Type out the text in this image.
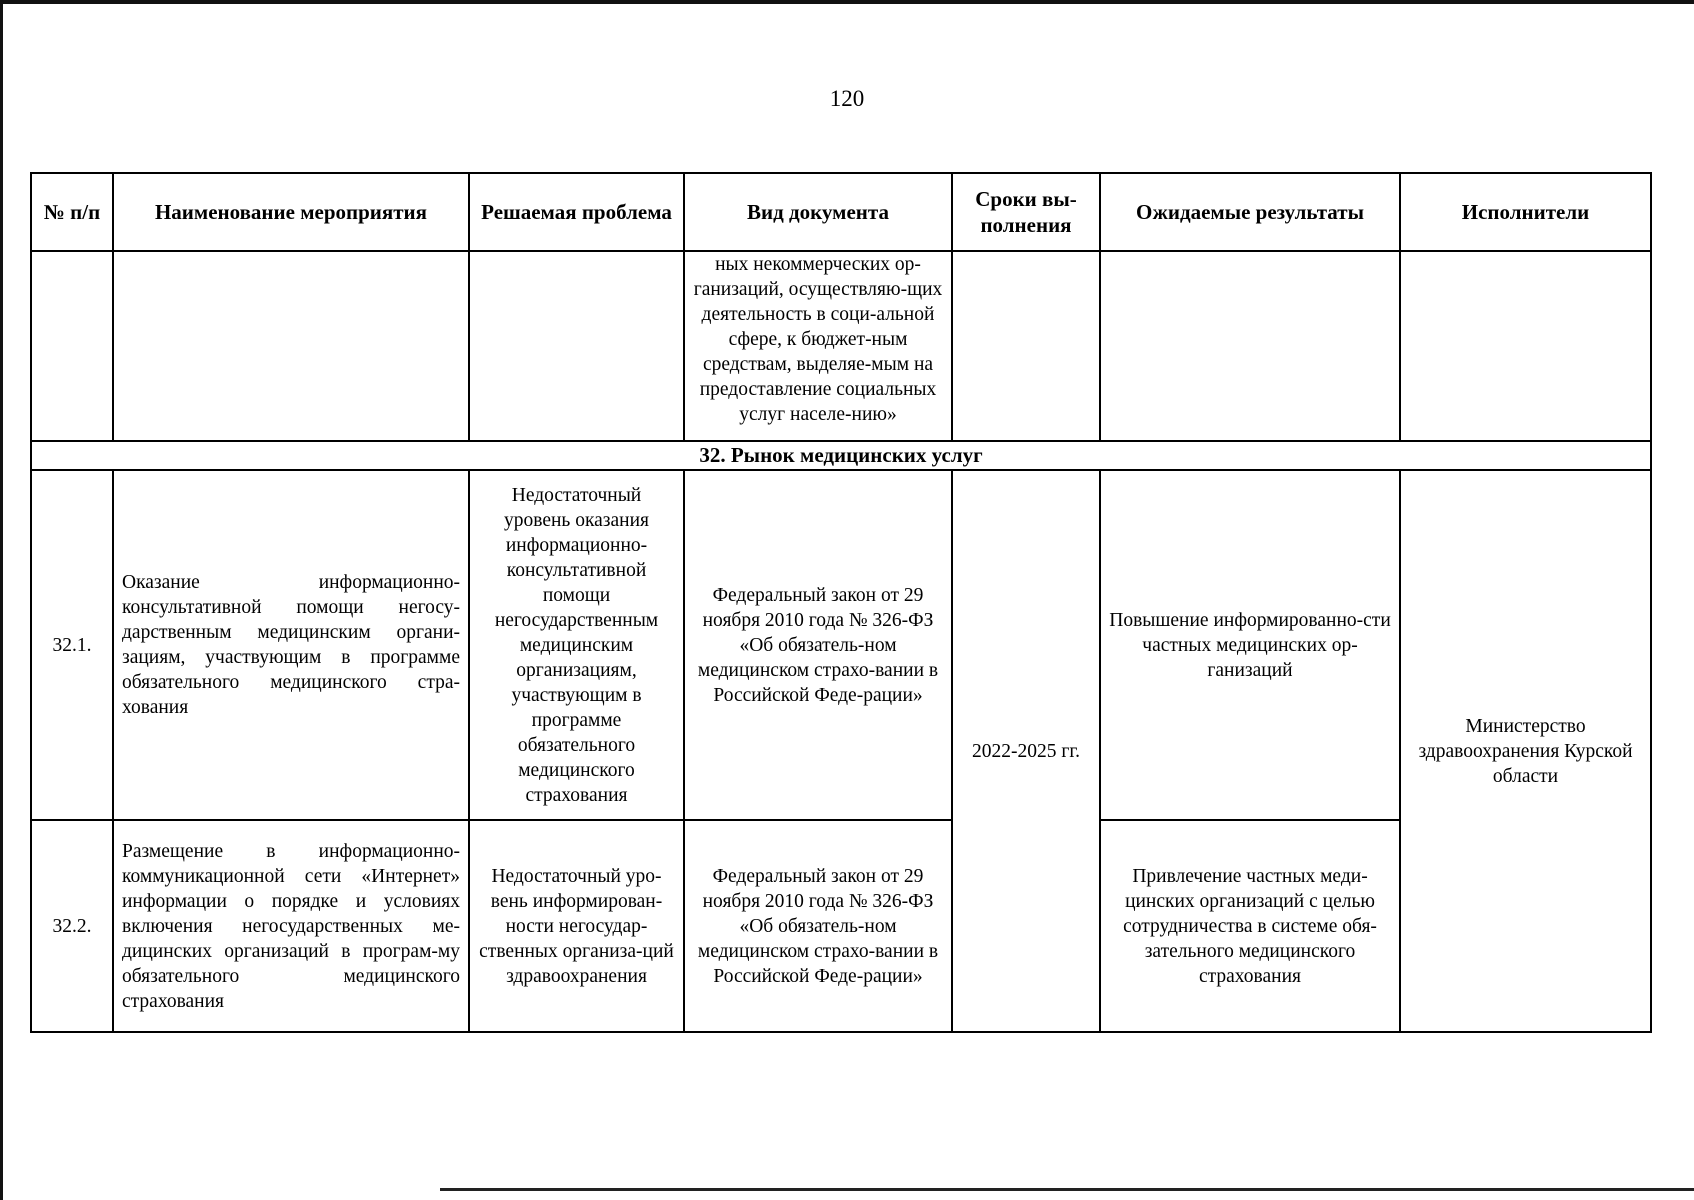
120
№ п/п	Наименование мероприятия	Решаемая проблема	Вид документа	Сроки вы-полнения	Ожидаемые результаты	Исполнители
			ных некоммерческих ор-ганизаций, осуществляю-щих деятельность в соци-альной сфере, к бюджет-ным средствам, выделяе-мым на предоставление социальных услуг населе-нию»			
32. Рынок медицинских услуг						
32.1.	Оказание информационно-консультативной помощи негосу-дарственным медицинским органи-зациям, участвующим в программе обязательного медицинского стра-хования	Недостаточный уровень оказания информационно-консультативной помощи негосударственным медицинским организациям, участвующим в программе обязательного медицинского страхования	Федеральный закон от 29 ноября 2010 года № 326-ФЗ «Об обязатель-ном медицинском страхо-вании в Российской Феде-рации»	2022-2025 гг.	Повышение информированно-сти частных медицинских ор-ганизаций	Министерство здравоохранения Курской области
32.2.	Размещение в информационно-коммуникационной сети «Интернет» информации о порядке и условиях включения негосударственных ме-дицинских организаций в програм-му обязательного медицинского страхования	Недостаточный уро-вень информирован-ности негосудар-ственных организа-ций здравоохранения	Федеральный закон от 29 ноября 2010 года № 326-ФЗ «Об обязатель-ном медицинском страхо-вании в Российской Феде-рации»		Привлечение частных меди-цинских организаций с целью сотрудничества в системе обя-зательного медицинского страхования	
